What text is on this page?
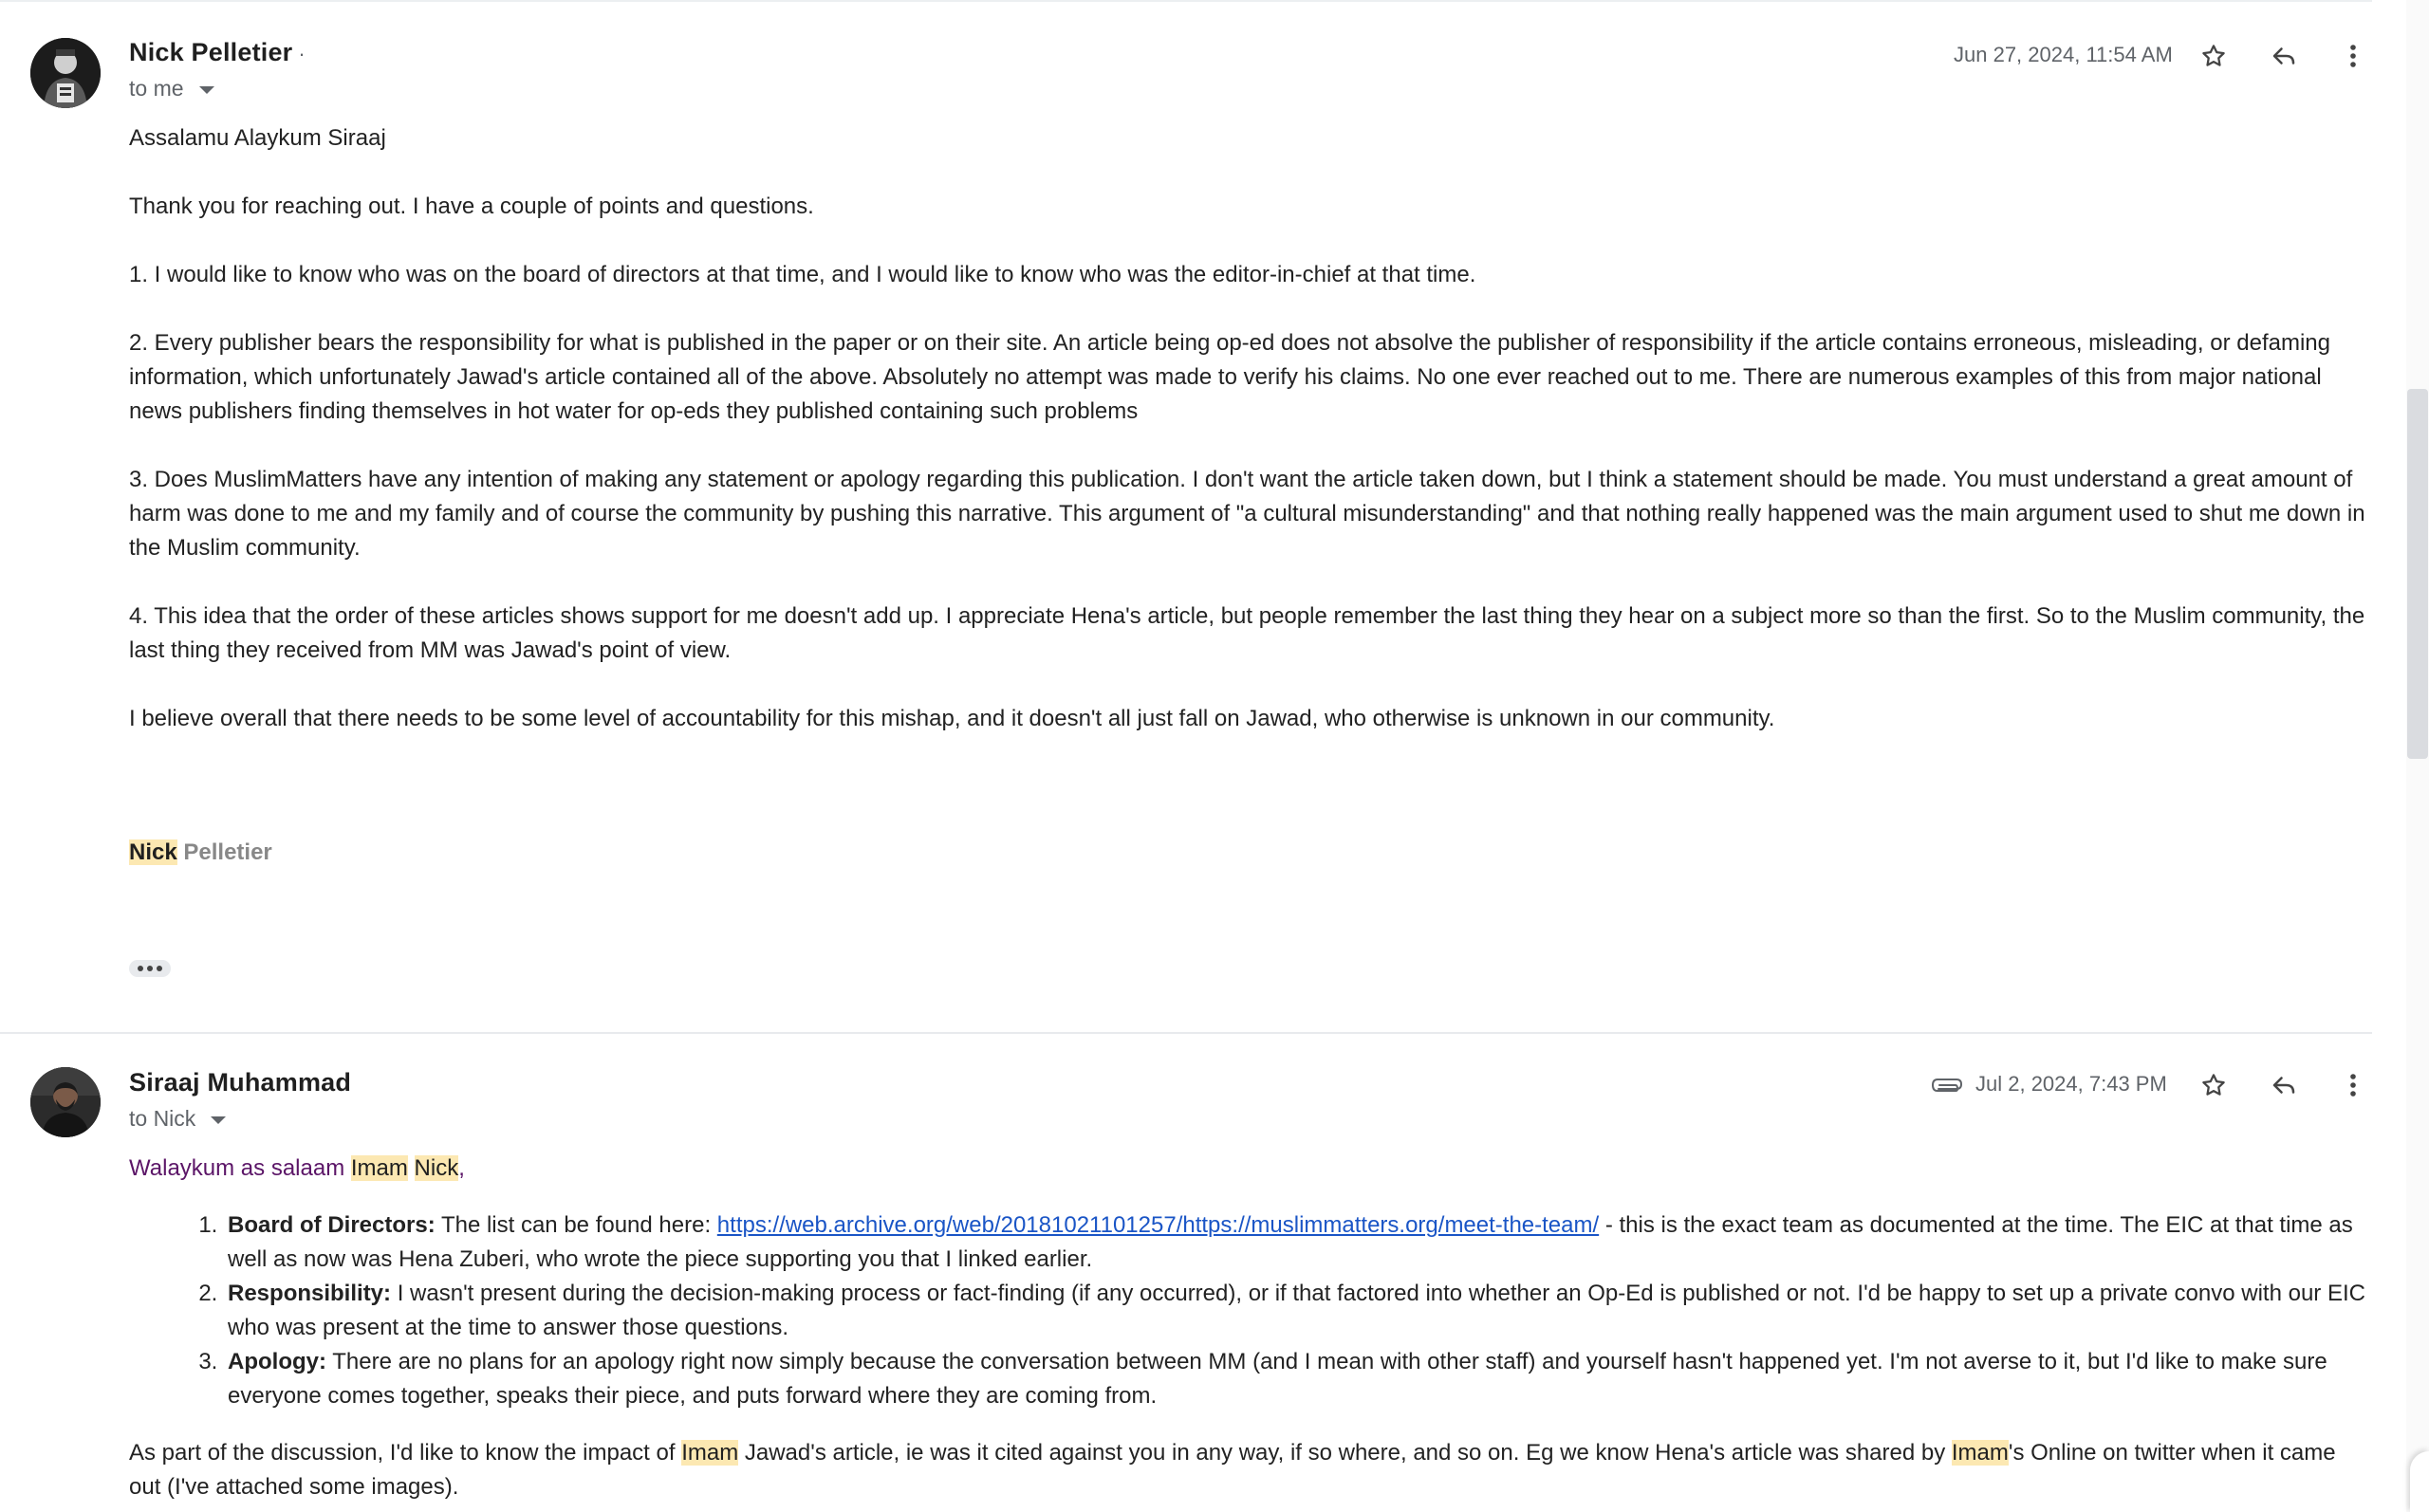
Nick Pelletier ·
to me
Jun 27, 2024, 11:54 AM

Assalamu Alaykum Siraaj

Thank you for reaching out. I have a couple of points and questions.

1. I would like to know who was on the board of directors at that time, and I would like to know who was the editor-in-chief at that time.

2. Every publisher bears the responsibility for what is published in the paper or on their site. An article being op-ed does not absolve the publisher of responsibility if the article contains erroneous, misleading, or defaming information, which unfortunately Jawad's article contained all of the above. Absolutely no attempt was made to verify his claims. No one ever reached out to me. There are numerous examples of this from major national news publishers finding themselves in hot water for op-eds they published containing such problems

3. Does MuslimMatters have any intention of making any statement or apology regarding this publication. I don't want the article taken down, but I think a statement should be made. You must understand a great amount of harm was done to me and my family and of course the community by pushing this narrative. This argument of "a cultural misunderstanding" and that nothing really happened was the main argument used to shut me down in the Muslim community.

4. This idea that the order of these articles shows support for me doesn't add up. I appreciate Hena's article, but people remember the last thing they hear on a subject more so than the first. So to the Muslim community, the last thing they received from MM was Jawad's point of view.

I believe overall that there needs to be some level of accountability for this mishap, and it doesn't all just fall on Jawad, who otherwise is unknown in our community.

Nick Pelletier
Siraaj Muhammad
to Nick
Jul 2, 2024, 7:43 PM
Walaykum as salaam Imam Nick,
1. Board of Directors: The list can be found here: https://web.archive.org/web/20181021101257/https://muslimmatters.org/meet-the-team/ - this is the exact team as documented at the time. The EIC at that time as well as now was Hena Zuberi, who wrote the piece supporting you that I linked earlier.
2. Responsibility: I wasn't present during the decision-making process or fact-finding (if any occurred), or if that factored into whether an Op-Ed is published or not. I'd be happy to set up a private convo with our EIC who was present at the time to answer those questions.
3. Apology: There are no plans for an apology right now simply because the conversation between MM (and I mean with other staff) and yourself hasn't happened yet. I'm not averse to it, but I'd like to make sure everyone comes together, speaks their piece, and puts forward where they are coming from.
As part of the discussion, I'd like to know the impact of Imam Jawad's article, ie was it cited against you in any way, if so where, and so on. Eg we know Hena's article was shared by Imam's Online on twitter when it came out (I've attached some images).
